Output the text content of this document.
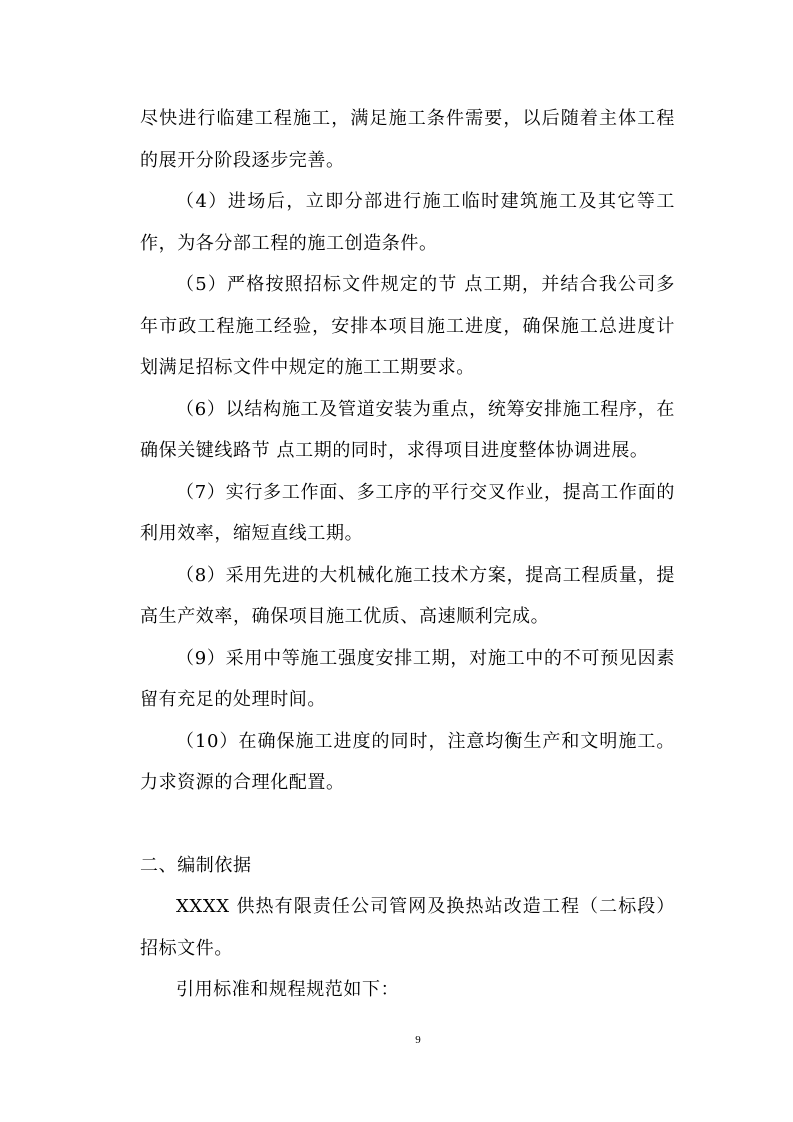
尽快进行临建工程施工，满足施工条件需要，以后随着主体工程的展开分阶段逐步完善。

（4）进场后，立即分部进行施工临时建筑施工及其它等工作，为各分部工程的施工创造条件。

（5）严格按照招标文件规定的节 点工期，并结合我公司多年市政工程施工经验，安排本项目施工进度，确保施工总进度计划满足招标文件中规定的施工工期要求。

（6）以结构施工及管道安装为重点，统筹安排施工程序，在确保关键线路节 点工期的同时，求得项目进度整体协调进展。

（7）实行多工作面、多工序的平行交叉作业，提高工作面的利用效率，缩短直线工期。

（8）采用先进的大机械化施工技术方案，提高工程质量，提高生产效率，确保项目施工优质、高速顺利完成。

（9）采用中等施工强度安排工期，对施工中的不可预见因素留有充足的处理时间。

（10）在确保施工进度的同时，注意均衡生产和文明施工。力求资源的合理化配置。

二、编制依据

XXXX 供热有限责任公司管网及换热站改造工程（二标段）招标文件。

引用标准和规程规范如下：

9
